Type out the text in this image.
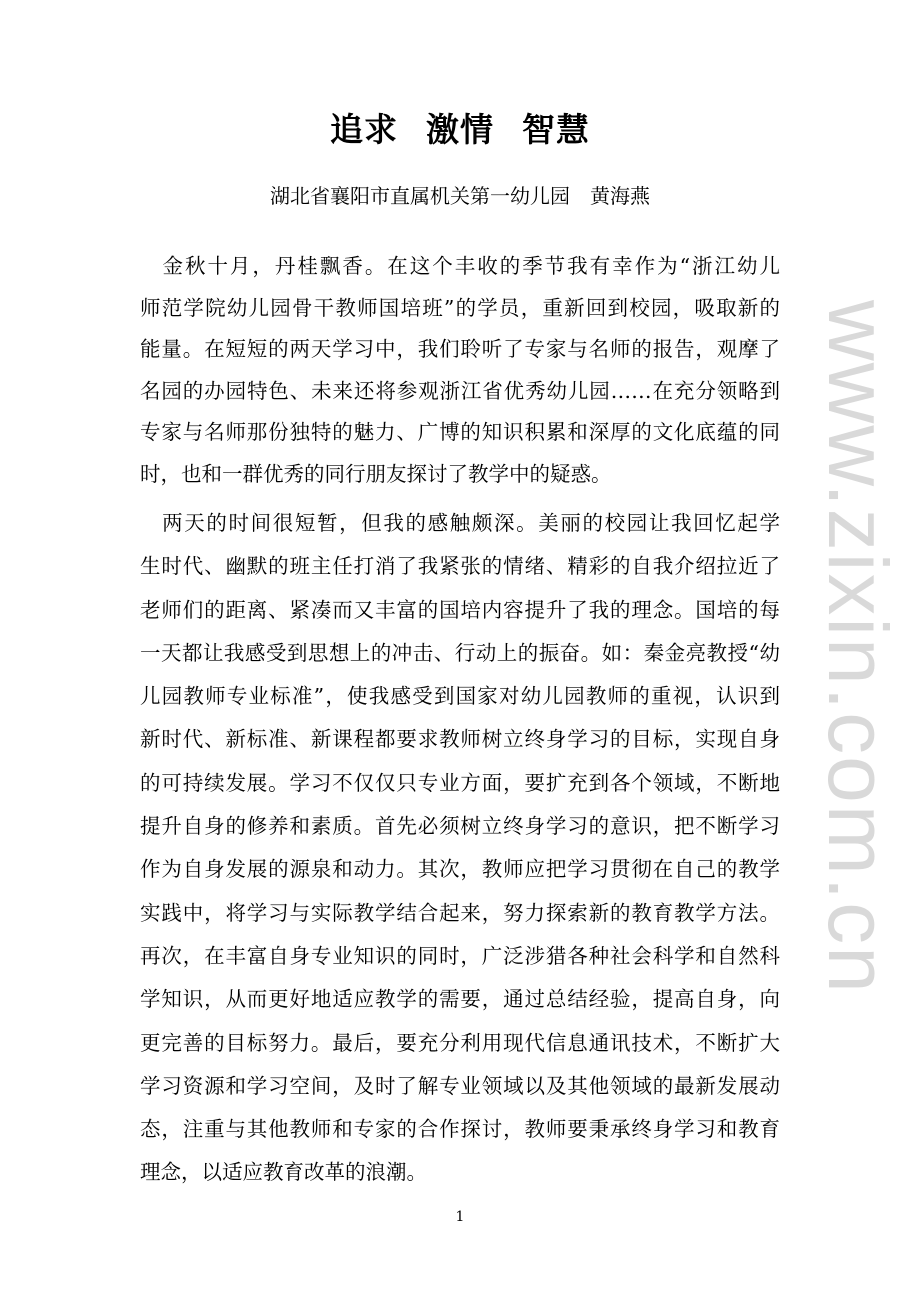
追求 激情 智慧
湖北省襄阳市直属机关第一幼儿园 黄海燕
www.zixin.com.cn
　金秋十月，丹桂飘香。在这个丰收的季节我有幸作为“浙江幼儿
师范学院幼儿园骨干教师国培班”的学员，重新回到校园，吸取新的
能量。在短短的两天学习中，我们聆听了专家与名师的报告，观摩了
名园的办园特色、未来还将参观浙江省优秀幼儿园……在充分领略到
专家与名师那份独特的魅力、广博的知识积累和深厚的文化底蕴的同
时，也和一群优秀的同行朋友探讨了教学中的疑惑。
　两天的时间很短暂，但我的感触颇深。美丽的校园让我回忆起学
生时代、幽默的班主任打消了我紧张的情绪、精彩的自我介绍拉近了
老师们的距离、紧凑而又丰富的国培内容提升了我的理念。国培的每
一天都让我感受到思想上的冲击、行动上的振奋。如：秦金亮教授“幼
儿园教师专业标准”，使我感受到国家对幼儿园教师的重视，认识到
新时代、新标准、新课程都要求教师树立终身学习的目标，实现自身
的可持续发展。学习不仅仅只专业方面，要扩充到各个领域，不断地
提升自身的修养和素质。首先必须树立终身学习的意识，把不断学习
作为自身发展的源泉和动力。其次，教师应把学习贯彻在自己的教学
实践中，将学习与实际教学结合起来，努力探索新的教育教学方法。
再次，在丰富自身专业知识的同时，广泛涉猎各种社会科学和自然科
学知识，从而更好地适应教学的需要，通过总结经验，提高自身，向
更完善的目标努力。最后，要充分利用现代信息通讯技术，不断扩大
学习资源和学习空间，及时了解专业领域以及其他领域的最新发展动
态，注重与其他教师和专家的合作探讨，教师要秉承终身学习和教育
理念，以适应教育改革的浪潮。
1
